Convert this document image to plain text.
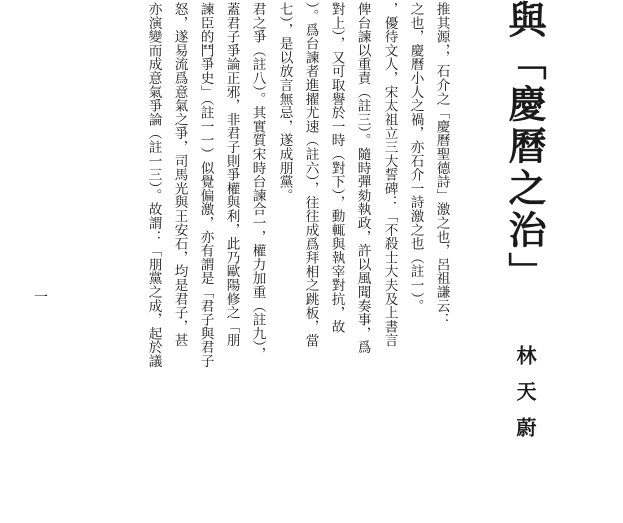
與「慶曆之治」
林天蔚
推其源，，石介之「慶曆聖德詩」激之也，呂祖謙云：
之也，慶曆小人之禍，亦石介一詩激之也（註一）。
，優待文人，宋太祖立三大誓碑：「不殺士大夫及上書言
俾台諫以重責（註三）。隨時彈劾執政，許以風聞奏事，爲
對上），又可取譽於一時（對下），動輒與執宰對抗，故
）。爲台諫者進擢尤速（註六），往往成爲拜相之跳板，當
七），是以放言無忌，遂成朋黨。
君之爭（註八）。其實質宋時台諫合一，權力加重（註九），
蓋君子爭論正邪，非君子則爭權與利，此乃歐陽修之「朋
諫臣的鬥爭史」（註一一）似覺偏激，亦有謂是「君子與君子
怒，遂易流爲意氣之爭，司馬光與王安石，均是君子，甚
亦演變而成意氣爭論（註一三）。故謂：「朋黨之成，起於議
一
